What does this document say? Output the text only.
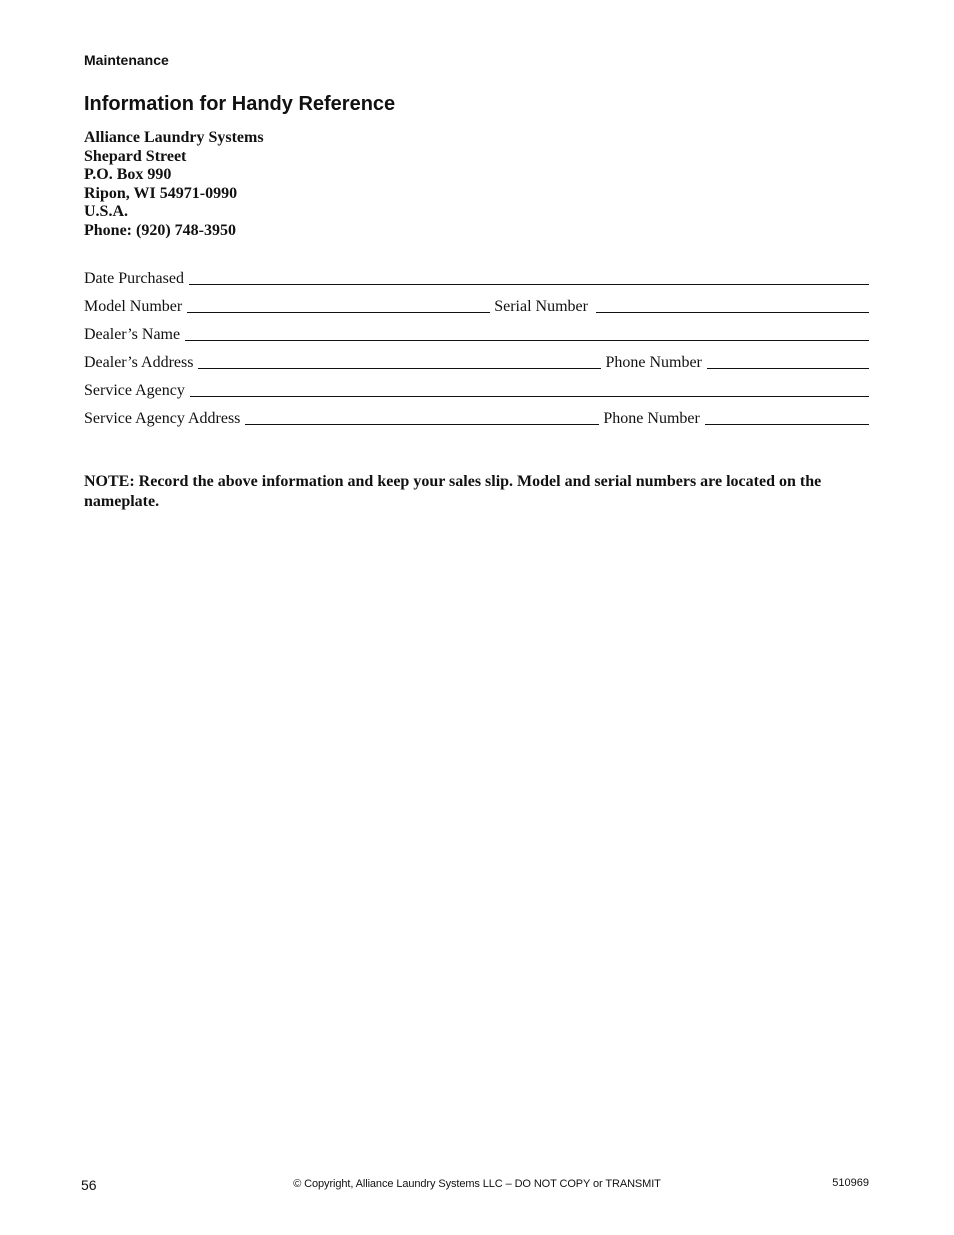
Maintenance
Information for Handy Reference
Alliance Laundry Systems
Shepard Street
P.O. Box 990
Ripon, WI 54971-0990
U.S.A.
Phone: (920) 748-3950
Date Purchased
Model Number	Serial Number
Dealer’s Name
Dealer’s Address	Phone Number
Service Agency
Service Agency Address	Phone Number

NOTE: Record the above information and keep your sales slip. Model and serial numbers are located on the nameplate.

56	© Copyright, Alliance Laundry Systems LLC – DO NOT COPY or TRANSMIT	510969
